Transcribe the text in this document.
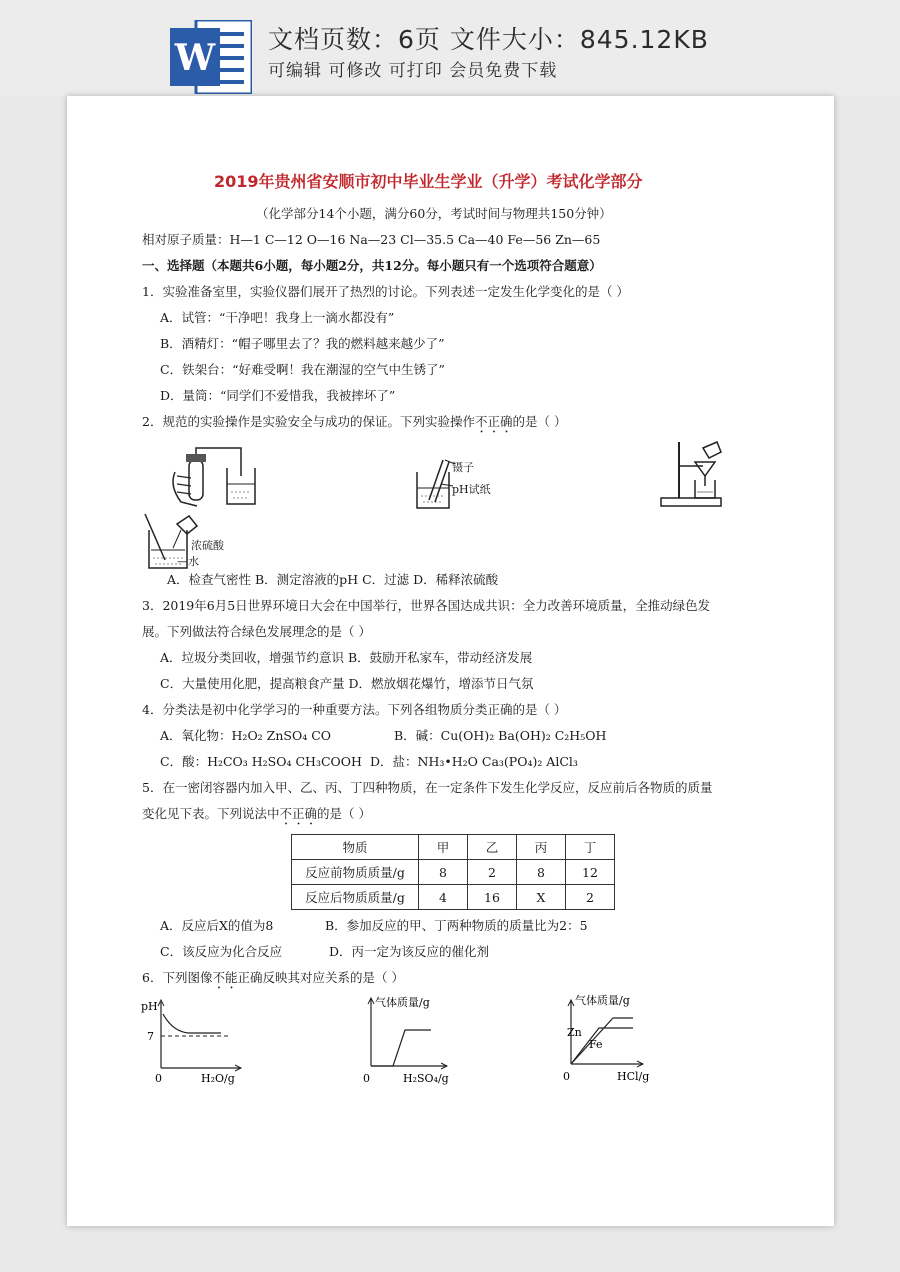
W 文档页数：6页 文件大小：845.12KB
可编辑 可修改 可打印 会员免费下载
2019年贵州省安顺市初中毕业生学业（升学）考试化学部分
（化学部分14个小题，满分60分，考试时间与物理共150分钟）
相对原子质量：H—1 C—12 O—16 Na—23 Cl—35.5 Ca—40 Fe—56 Zn—65
一、选择题（本题共6小题，每小题2分，共12分。每小题只有一个选项符合题意）
1．实验准备室里，实验仪器们展开了热烈的讨论。下列表述一定发生化学变化的是（ ）
A．试管：“干净吧！我身上一滴水都没有”
B．酒精灯：“帽子哪里去了？我的燃料越来越少了”
C．铁架台：“好难受啊！我在潮湿的空气中生锈了”
D．量筒：“同学们不爱惜我，我被摔坏了”
2．规范的实验操作是实验安全与成功的保证。下列实验操作不正确的是（ ）
镊子
pH试纸
浓硫酸
—水
A．检查气密性 B．测定溶液的pH C．过滤 D．稀释浓硫酸
3．2019年6月5日世界环境日大会在中国举行，世界各国达成共识：全力改善环境质量，全推动绿色发
展。下列做法符合绿色发展理念的是（ ）
A．垃圾分类回收，增强节约意识 B．鼓励开私家车，带动经济发展
C．大量使用化肥，提高粮食产量 D．燃放烟花爆竹，增添节日气氛
4．分类法是初中化学学习的一种重要方法。下列各组物质分类正确的是（ ）
A．氧化物：H₂O₂ ZnSO₄ CO	B．碱：Cu(OH)₂ Ba(OH)₂ C₂H₅OH
C．酸：H₂CO₃ H₂SO₄ CH₃COOH D．盐：NH₃•H₂O Ca₃(PO₄)₂ AlCl₃
5．在一密闭容器内加入甲、乙、丙、丁四种物质，在一定条件下发生化学反应，反应前后各物质的质量
变化见下表。下列说法中不正确的是（ ）
物质	甲	乙	丙	丁
反应前物质质量/g	8	2	8	12
反应后物质质量/g	4	16	X	2
A．反应后X的值为8	B．参加反应的甲、丁两种物质的质量比为2：5
C．该反应为化合反应	D．丙一定为该反应的催化剂
6．下列图像不能正确反映其对应关系的是（ ）
pH
7
0	H₂O/g
气体质量/g
0	H₂SO₄/g
气体质量/g
Zn
Fe
0	HCl/g
